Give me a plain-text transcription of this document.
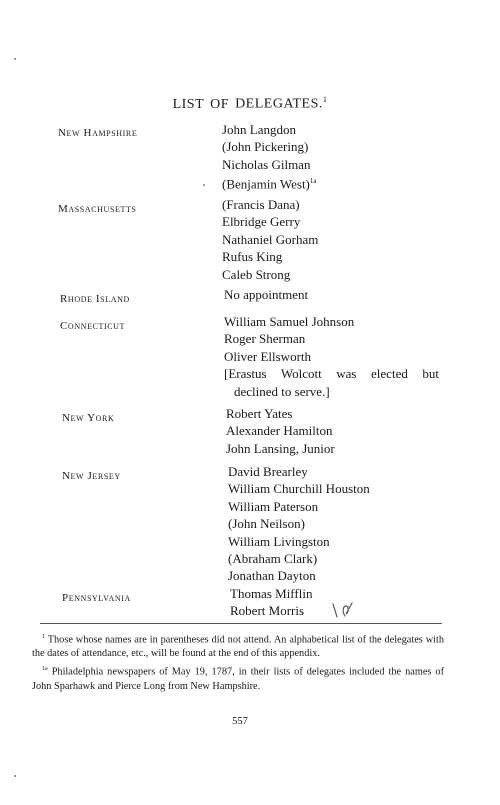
LIST OF DELEGATES.$^1$
New Hampshire	John Langdon
(John Pickering)
Nicholas Gilman
(Benjamin West)$^{1a}$
Massachusetts	(Francis Dana)
Elbridge Gerry
Nathaniel Gorham
Rufus King
Caleb Strong
Rhode Island	No appointment
Connecticut	William Samuel Johnson
Roger Sherman
Oliver Ellsworth
[Erastus Wolcott was elected but
declined to serve.]
New York	Robert Yates
Alexander Hamilton
John Lansing, Junior
New Jersey	David Brearley
William Churchill Houston
William Paterson
(John Neilson)
William Livingston
(Abraham Clark)
Jonathan Dayton
Pennsylvania	Thomas Mifflin
Robert Morris

$^1$ Those whose names are in parentheses did not attend. An alphabetical list of the delegates with the dates of attendance, etc., will be found at the end of this appendix.

$^{1a}$ Philadelphia newspapers of May 19, 1787, in their lists of delegates included the names of John Sparhawk and Pierce Long from New Hampshire.

557
